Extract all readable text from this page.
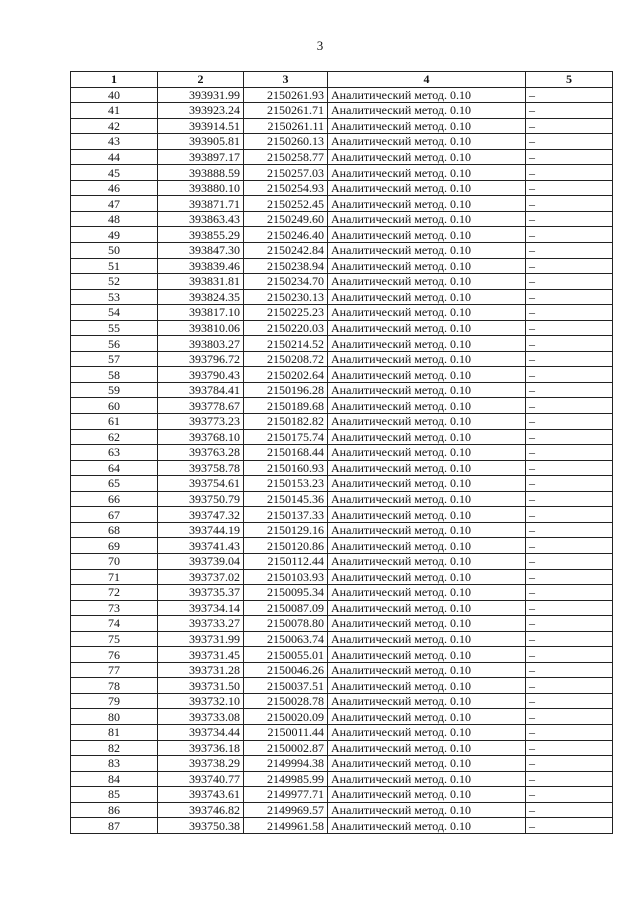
3
1	2	3	4	5
40	393931.99	2150261.93	Аналитический метод. 0.10	–
41	393923.24	2150261.71	Аналитический метод. 0.10	–
42	393914.51	2150261.11	Аналитический метод. 0.10	–
43	393905.81	2150260.13	Аналитический метод. 0.10	–
44	393897.17	2150258.77	Аналитический метод. 0.10	–
45	393888.59	2150257.03	Аналитический метод. 0.10	–
46	393880.10	2150254.93	Аналитический метод. 0.10	–
47	393871.71	2150252.45	Аналитический метод. 0.10	–
48	393863.43	2150249.60	Аналитический метод. 0.10	–
49	393855.29	2150246.40	Аналитический метод. 0.10	–
50	393847.30	2150242.84	Аналитический метод. 0.10	–
51	393839.46	2150238.94	Аналитический метод. 0.10	–
52	393831.81	2150234.70	Аналитический метод. 0.10	–
53	393824.35	2150230.13	Аналитический метод. 0.10	–
54	393817.10	2150225.23	Аналитический метод. 0.10	–
55	393810.06	2150220.03	Аналитический метод. 0.10	–
56	393803.27	2150214.52	Аналитический метод. 0.10	–
57	393796.72	2150208.72	Аналитический метод. 0.10	–
58	393790.43	2150202.64	Аналитический метод. 0.10	–
59	393784.41	2150196.28	Аналитический метод. 0.10	–
60	393778.67	2150189.68	Аналитический метод. 0.10	–
61	393773.23	2150182.82	Аналитический метод. 0.10	–
62	393768.10	2150175.74	Аналитический метод. 0.10	–
63	393763.28	2150168.44	Аналитический метод. 0.10	–
64	393758.78	2150160.93	Аналитический метод. 0.10	–
65	393754.61	2150153.23	Аналитический метод. 0.10	–
66	393750.79	2150145.36	Аналитический метод. 0.10	–
67	393747.32	2150137.33	Аналитический метод. 0.10	–
68	393744.19	2150129.16	Аналитический метод. 0.10	–
69	393741.43	2150120.86	Аналитический метод. 0.10	–
70	393739.04	2150112.44	Аналитический метод. 0.10	–
71	393737.02	2150103.93	Аналитический метод. 0.10	–
72	393735.37	2150095.34	Аналитический метод. 0.10	–
73	393734.14	2150087.09	Аналитический метод. 0.10	–
74	393733.27	2150078.80	Аналитический метод. 0.10	–
75	393731.99	2150063.74	Аналитический метод. 0.10	–
76	393731.45	2150055.01	Аналитический метод. 0.10	–
77	393731.28	2150046.26	Аналитический метод. 0.10	–
78	393731.50	2150037.51	Аналитический метод. 0.10	–
79	393732.10	2150028.78	Аналитический метод. 0.10	–
80	393733.08	2150020.09	Аналитический метод. 0.10	–
81	393734.44	2150011.44	Аналитический метод. 0.10	–
82	393736.18	2150002.87	Аналитический метод. 0.10	–
83	393738.29	2149994.38	Аналитический метод. 0.10	–
84	393740.77	2149985.99	Аналитический метод. 0.10	–
85	393743.61	2149977.71	Аналитический метод. 0.10	–
86	393746.82	2149969.57	Аналитический метод. 0.10	–
87	393750.38	2149961.58	Аналитический метод. 0.10	–
